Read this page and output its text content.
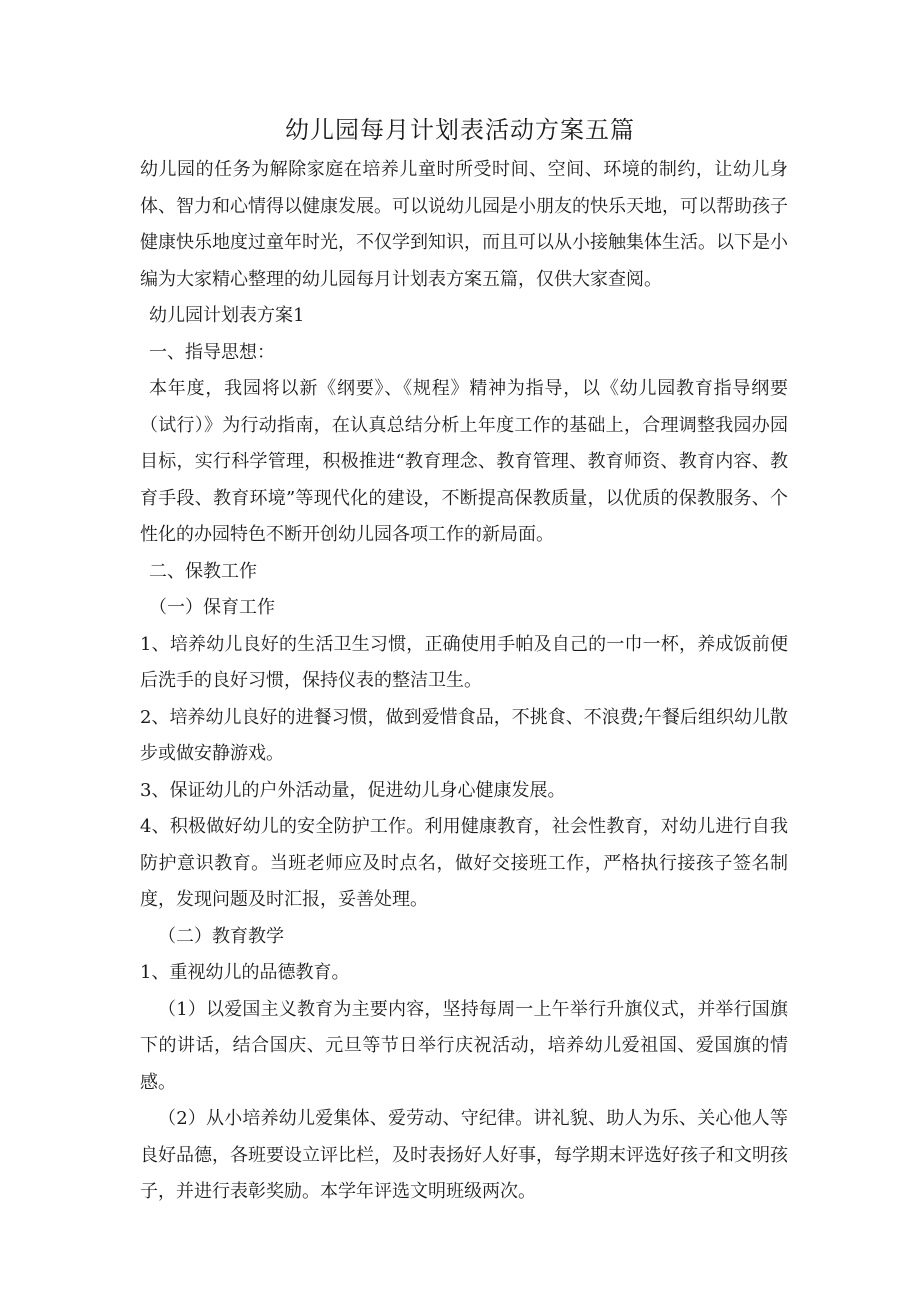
幼儿园每月计划表活动方案五篇

幼儿园的任务为解除家庭在培养儿童时所受时间、空间、环境的制约，让幼儿身体、智力和心情得以健康发展。可以说幼儿园是小朋友的快乐天地，可以帮助孩子健康快乐地度过童年时光，不仅学到知识，而且可以从小接触集体生活。以下是小编为大家精心整理的幼儿园每月计划表方案五篇，仅供大家查阅。

幼儿园计划表方案1

一、指导思想：

本年度，我园将以新《纲要》、《规程》精神为指导，以《幼儿园教育指导纲要（试行）》为行动指南，在认真总结分析上年度工作的基础上，合理调整我园办园目标，实行科学管理，积极推进“教育理念、教育管理、教育师资、教育内容、教育手段、教育环境”等现代化的建设，不断提高保教质量，以优质的保教服务、个性化的办园特色不断开创幼儿园各项工作的新局面。

二、保教工作

（一）保育工作

1、培养幼儿良好的生活卫生习惯，正确使用手帕及自己的一巾一杯，养成饭前便后洗手的良好习惯，保持仪表的整洁卫生。

2、培养幼儿良好的进餐习惯，做到爱惜食品，不挑食、不浪费;午餐后组织幼儿散步或做安静游戏。

3、保证幼儿的户外活动量，促进幼儿身心健康发展。

4、积极做好幼儿的安全防护工作。利用健康教育，社会性教育，对幼儿进行自我防护意识教育。当班老师应及时点名，做好交接班工作，严格执行接孩子签名制度，发现问题及时汇报，妥善处理。

（二）教育教学

1、重视幼儿的品德教育。

（1）以爱国主义教育为主要内容，坚持每周一上午举行升旗仪式，并举行国旗下的讲话，结合国庆、元旦等节日举行庆祝活动，培养幼儿爱祖国、爱国旗的情感。

（2）从小培养幼儿爱集体、爱劳动、守纪律。讲礼貌、助人为乐、关心他人等良好品德，各班要设立评比栏，及时表扬好人好事，每学期末评选好孩子和文明孩子，并进行表彰奖励。本学年评选文明班级两次。
